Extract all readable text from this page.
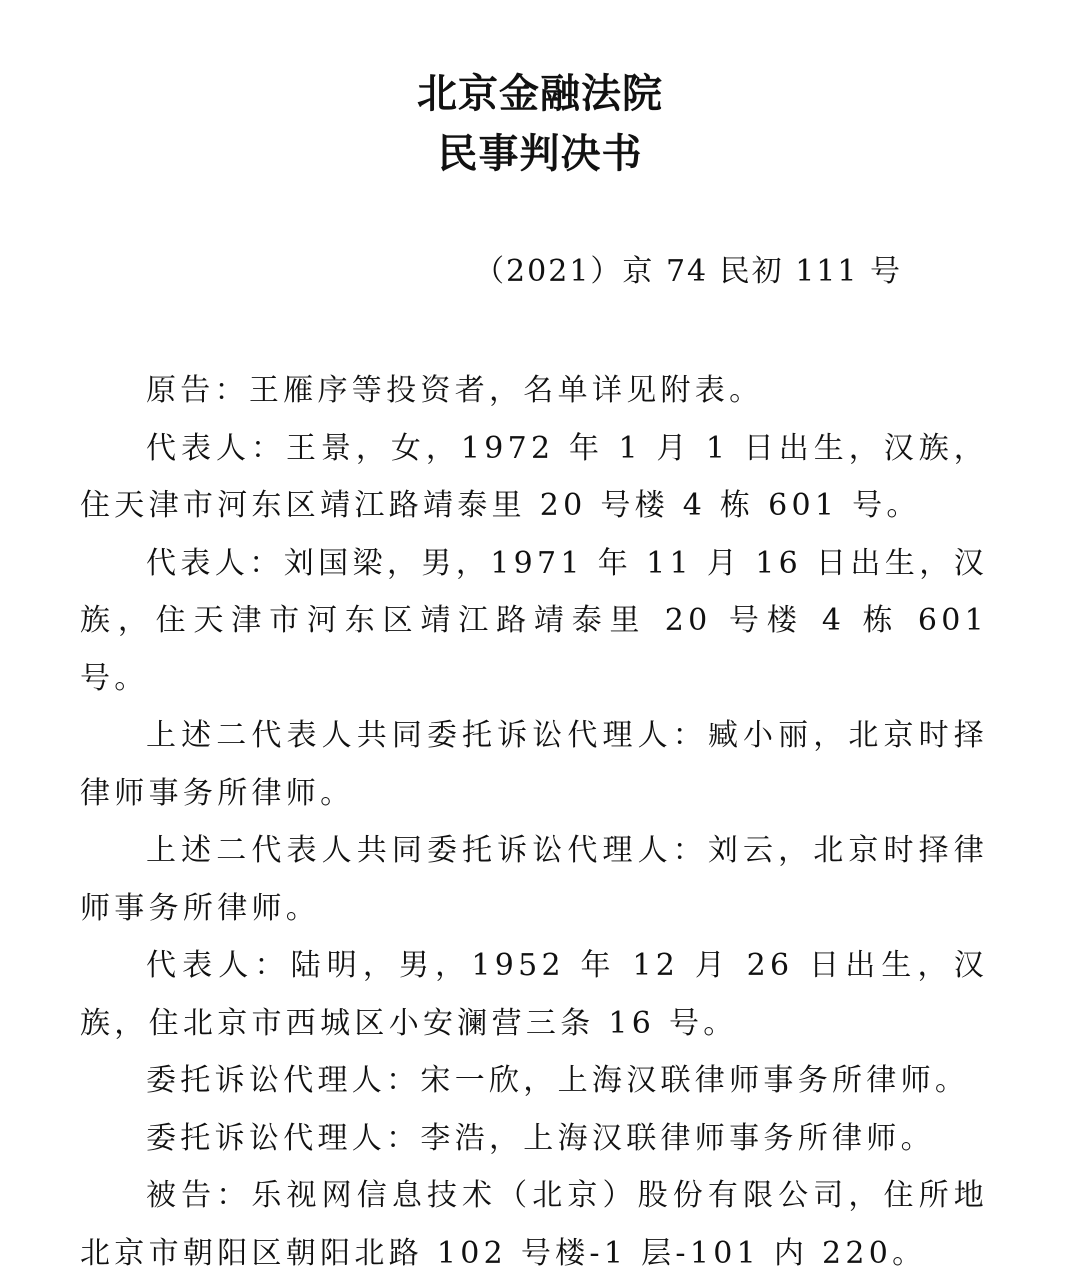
北京金融法院
民事判决书

（2021）京 74 民初 111 号

原告：王雁序等投资者，名单详见附表。

代表人：王景，女，1972 年 1 月 1 日出生，汉族，住天津市河东区靖江路靖泰里 20 号楼 4 栋 601 号。

代表人：刘国梁，男，1971 年 11 月 16 日出生，汉族，住天津市河东区靖江路靖泰里 20 号楼 4 栋 601 号。

上述二代表人共同委托诉讼代理人：臧小丽，北京时择律师事务所律师。

上述二代表人共同委托诉讼代理人：刘云，北京时择律师事务所律师。

代表人：陆明，男，1952 年 12 月 26 日出生，汉族，住北京市西城区小安澜营三条 16 号。

委托诉讼代理人：宋一欣，上海汉联律师事务所律师。

委托诉讼代理人：李浩，上海汉联律师事务所律师。

被告：乐视网信息技术（北京）股份有限公司，住所地北京市朝阳区朝阳北路 102 号楼-1 层-101 内 220。
